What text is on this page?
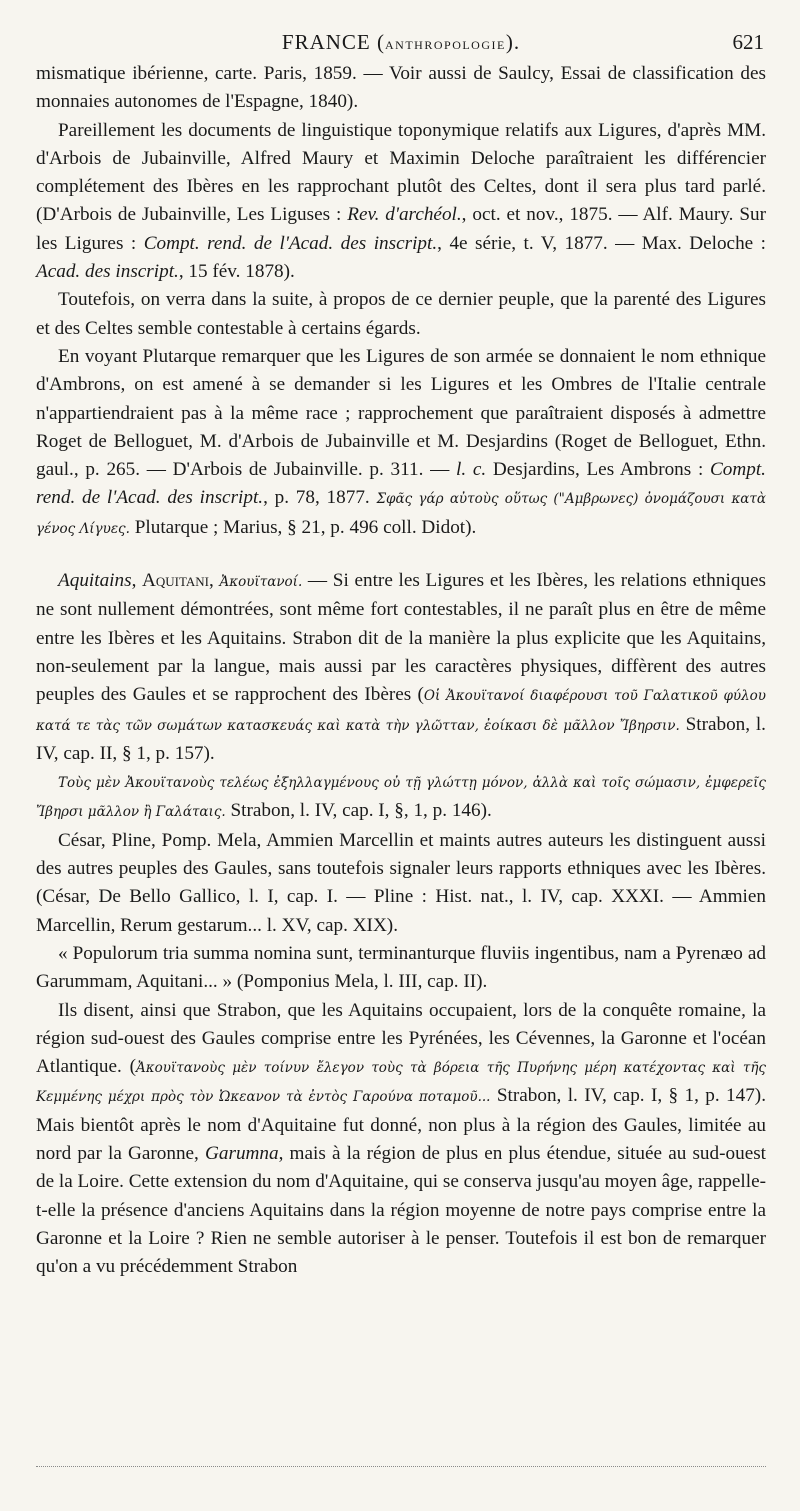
FRANCE (anthropologie).	621

mismatique ibérienne, carte. Paris, 1859. — Voir aussi de Saulcy, Essai de classification des monnaies autonomes de l'Espagne, 1840).

Pareillement les documents de linguistique toponymique relatifs aux Ligures, d'après MM. d'Arbois de Jubainville, Alfred Maury et Maximin Deloche paraîtraient les différencier complétement des Ibères en les rapprochant plutôt des Celtes, dont il sera plus tard parlé. (D'Arbois de Jubainville, Les Liguses : Rev. d'archéol., oct. et nov., 1875. — Alf. Maury. Sur les Ligures : Compt. rend. de l'Acad. des inscript., 4e série, t. V, 1877. — Max. Deloche : Acad. des inscript., 15 fév. 1878).

Toutefois, on verra dans la suite, à propos de ce dernier peuple, que la parenté des Ligures et des Celtes semble contestable à certains égards.

En voyant Plutarque remarquer que les Ligures de son armée se donnaient le nom ethnique d'Ambrons, on est amené à se demander si les Ligures et les Ombres de l'Italie centrale n'appartiendraient pas à la même race ; rapprochement que paraîtraient disposés à admettre Roget de Belloguet, M. d'Arbois de Jubainville et M. Desjardins (Roget de Belloguet, Ethn. gaul., p. 265. — D'Arbois de Jubainville. p. 311. — l. c. Desjardins, Les Ambrons : Compt. rend. de l'Acad. des inscript., p. 78, 1877. Σφᾶς γάρ αὐτοὺς οὕτως ("Αμβρωνες) ὀνομάζουσι κατὰ γένος Λίγυες. Plutarque ; Marius, § 21, p. 496 coll. Didot).

Aquitains, Aquitani, Ἀκουϊτανοί. — Si entre les Ligures et les Ibères, les relations ethniques ne sont nullement démontrées, sont même fort contestables, il ne paraît plus en être de même entre les Ibères et les Aquitains. Strabon dit de la manière la plus explicite que les Aquitains, non-seulement par la langue, mais aussi par les caractères physiques, diffèrent des autres peuples des Gaules et se rapprochent des Ibères (Οἱ Ἀκουϊτανοί διαφέρουσι τοῦ Γαλατικοῦ φύλου κατά τε τὰς τῶν σωμάτων κατασκευάς καὶ κατὰ τὴν γλῶτταν, ἐοίκασι δὲ μᾶλλον Ἴβηρσιν. Strabon, l. IV, cap. II, § 1, p. 157).

Τοὺς μὲν Ἀκουϊτανοὺς τελέως ἐξηλλαγμένους οὐ τῇ γλώττῃ μόνον, ἀλλὰ καὶ τοῖς σώμασιν, ἐμφερεῖς Ἴβηρσι μᾶλλον ἢ Γαλάταις. Strabon, l. IV, cap. I, §, 1, p. 146).

César, Pline, Pomp. Mela, Ammien Marcellin et maints autres auteurs les distinguent aussi des autres peuples des Gaules, sans toutefois signaler leurs rapports ethniques avec les Ibères. (César, De Bello Gallico, l. I, cap. I. — Pline : Hist. nat., l. IV, cap. XXXI. — Ammien Marcellin, Rerum gestarum... l. XV, cap. XIX).

« Populorum tria summa nomina sunt, terminanturque fluviis ingentibus, nam a Pyrenæo ad Garummam, Aquitani... » (Pomponius Mela, l. III, cap. II).

Ils disent, ainsi que Strabon, que les Aquitains occupaient, lors de la conquête romaine, la région sud-ouest des Gaules comprise entre les Pyrénées, les Cévennes, la Garonne et l'océan Atlantique. (Ἀκουϊτανοὺς μὲν τοίνυν ἔλεγον τοὺς τὰ βόρεια τῆς Πυρήνης μέρη κατέχοντας καὶ τῆς Κεμμένης μέχρι πρὸς τὸν Ὠκεανον τὰ ἐντὸς Γαρούνα ποταμοῦ... Strabon, l. IV, cap. I, § 1, p. 147). Mais bientôt après le nom d'Aquitaine fut donné, non plus à la région des Gaules, limitée au nord par la Garonne, Garumna, mais à la région de plus en plus étendue, située au sud-ouest de la Loire. Cette extension du nom d'Aquitaine, qui se conserva jusqu'au moyen âge, rappelle-t-elle la présence d'anciens Aquitains dans la région moyenne de notre pays comprise entre la Garonne et la Loire ? Rien ne semble autoriser à le penser. Toutefois il est bon de remarquer qu'on a vu précédemment Strabon
